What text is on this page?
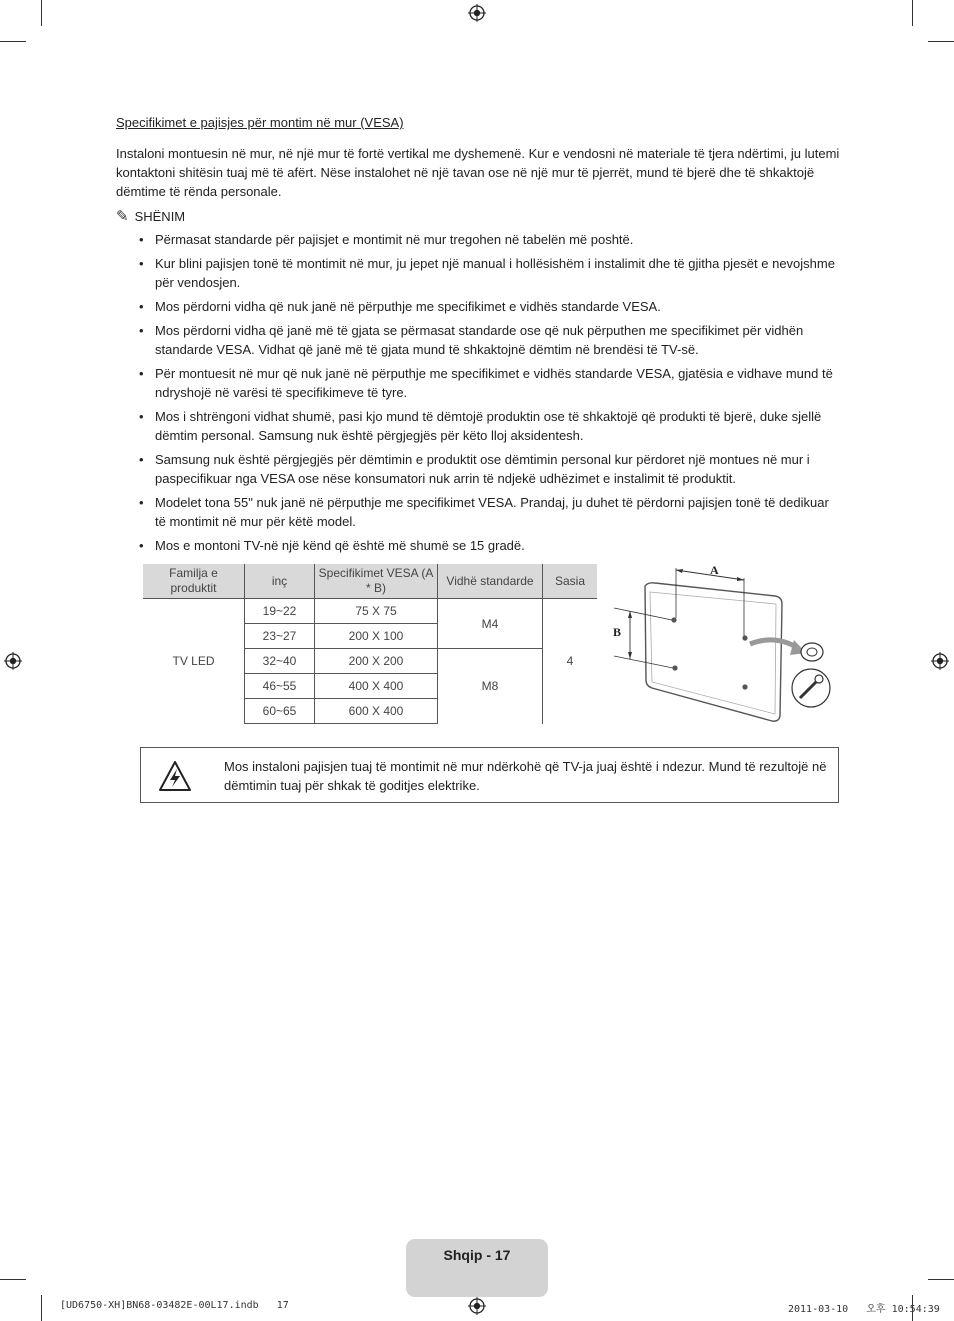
Specifikimet e pajisjes për montim në mur (VESA)
Instaloni montuesin në mur, në një mur të fortë vertikal me dyshemenë. Kur e vendosni në materiale të tjera ndërtimi, ju lutemi kontaktoni shitësin tuaj më të afërt. Nëse instalohet në një tavan ose në një mur të pjerrët, mund të bjerë dhe të shkaktojë dëmtime të rënda personale.
✎ SHËNIM
• Përmasat standarde për pajisjet e montimit në mur tregohen në tabelën më poshtë.
• Kur blini pajisjen tonë të montimit në mur, ju jepet një manual i hollësishëm i instalimit dhe të gjitha pjesët e nevojshme për vendosjen.
• Mos përdorni vidha që nuk janë në përputhje me specifikimet e vidhës standarde VESA.
• Mos përdorni vidha që janë më të gjata se përmasat standarde ose që nuk përputhen me specifikimet për vidhën standarde VESA. Vidhat që janë më të gjata mund të shkaktojnë dëmtim në brendësi të TV-së.
• Për montuesit në mur që nuk janë në përputhje me specifikimet e vidhës standarde VESA, gjatësia e vidhave mund të ndryshojë në varësi të specifikimeve të tyre.
• Mos i shtrëngoni vidhat shumë, pasi kjo mund të dëmtojë produktin ose të shkaktojë që produkti të bjerë, duke sjellë dëmtim personal. Samsung nuk është përgjegjës për këto lloj aksidentesh.
• Samsung nuk është përgjegjës për dëmtimin e produktit ose dëmtimin personal kur përdoret një montues në mur i paspecifikuar nga VESA ose nëse konsumatori nuk arrin të ndjekë udhëzimet e instalimit të produktit.
• Modelet tona 55" nuk janë në përputhje me specifikimet VESA. Prandaj, ju duhet të përdorni pajisjen tonë të dedikuar të montimit në mur për këtë model.
• Mos e montoni TV-në një kënd që është më shumë se 15 gradë.
Familja e produktit	inç	Specifikimet VESA (A * B)	Vidhë standarde	Sasia
TV LED	19~22	75 X 75	M4	4
	23~27	200 X 100		
	32~40	200 X 200	M8	
	46~55	400 X 400		
	60~65	600 X 400		
A
B
Mos instaloni pajisjen tuaj të montimit në mur ndërkohë që TV-ja juaj është i ndezur. Mund të rezultojë në dëmtimin tuaj për shkak të goditjes elektrike.
Shqip - 17
[UD6750-XH]BN68-03482E-00L17.indb   17	2011-03-10   오후 10:54:39
